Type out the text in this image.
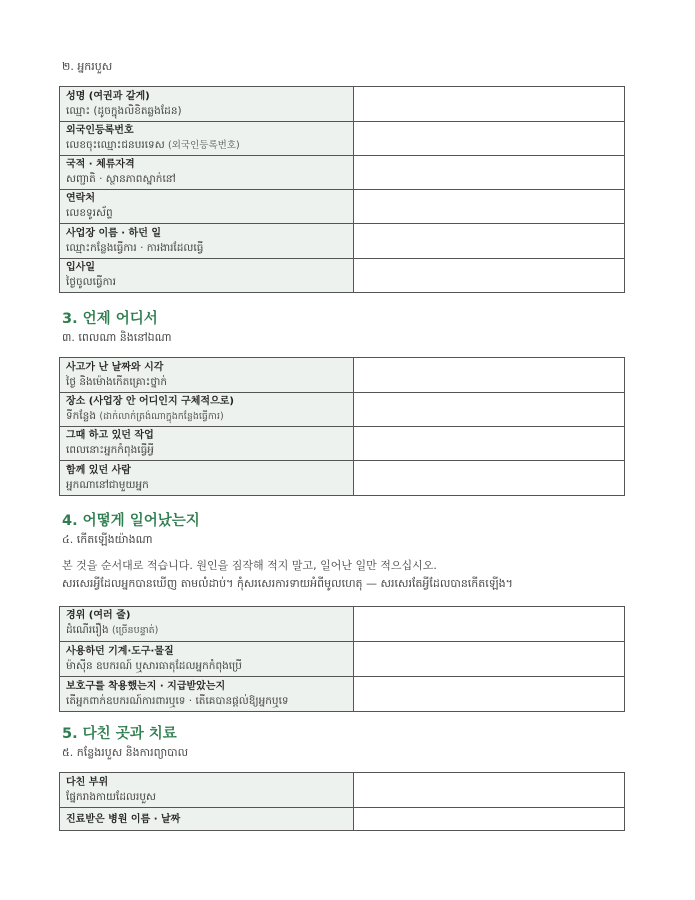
២. អ្នករបួស
성명 (여권과 같게)
ឈ្មោះ (ដូចក្នុងលិខិតឆ្លងដែន)	

외국인등록번호
លេខចុះឈ្មោះជនបរទេស (외국인등록번호)	

국적 · 체류자격
សញ្ជាតិ · ស្ថានភាពស្នាក់នៅ	

연락처
លេខទូរស័ព្ទ	

사업장 이름 · 하던 일
ឈ្មោះកន្លែងធ្វើការ · ការងារដែលធ្វើ	

입사일
ថ្ងៃចូលធ្វើការ	

3. 언제 어디서
៣. ពេលណា និងនៅឯណា
사고가 난 날짜와 시각
ថ្ងៃ និងម៉ោងកើតគ្រោះថ្នាក់	

장소 (사업장 안 어디인지 구체적으로)
ទីកន្លែង (ដាក់លាក់ត្រង់ណាក្នុងកន្លែងធ្វើការ)	

그때 하고 있던 작업
ពេលនោះអ្នកកំពុងធ្វើអ្វី	

함께 있던 사람
អ្នកណានៅជាមួយអ្នក	

4. 어떻게 일어났는지
៤. កើតឡើងយ៉ាងណា
본 것을 순서대로 적습니다. 원인을 짐작해 적지 말고, 일어난 일만 적으십시오.
សរសេរអ្វីដែលអ្នកបានឃើញ តាមលំដាប់។ កុំសរសេរការទាយអំពីមូលហេតុ — សរសេរតែអ្វីដែលបានកើតឡើង។
경위 (여러 줄)
ដំណើររឿង (ច្រើនបន្ទាត់)	

사용하던 기계·도구·물질
ម៉ាស៊ីន ឧបករណ៍ ឬសារធាតុដែលអ្នកកំពុងប្រើ	

보호구를 착용했는지 · 지급받았는지
តើអ្នកពាក់ឧបករណ៍ការពារឬទេ · តើគេបានផ្ដល់ឱ្យអ្នកឬទេ	

5. 다친 곳과 치료
៥. កន្លែងរបួស និងការព្យាបាល
다친 부위
ផ្នែករាងកាយដែលរបួស	

진료받은 병원 이름 · 날짜	
